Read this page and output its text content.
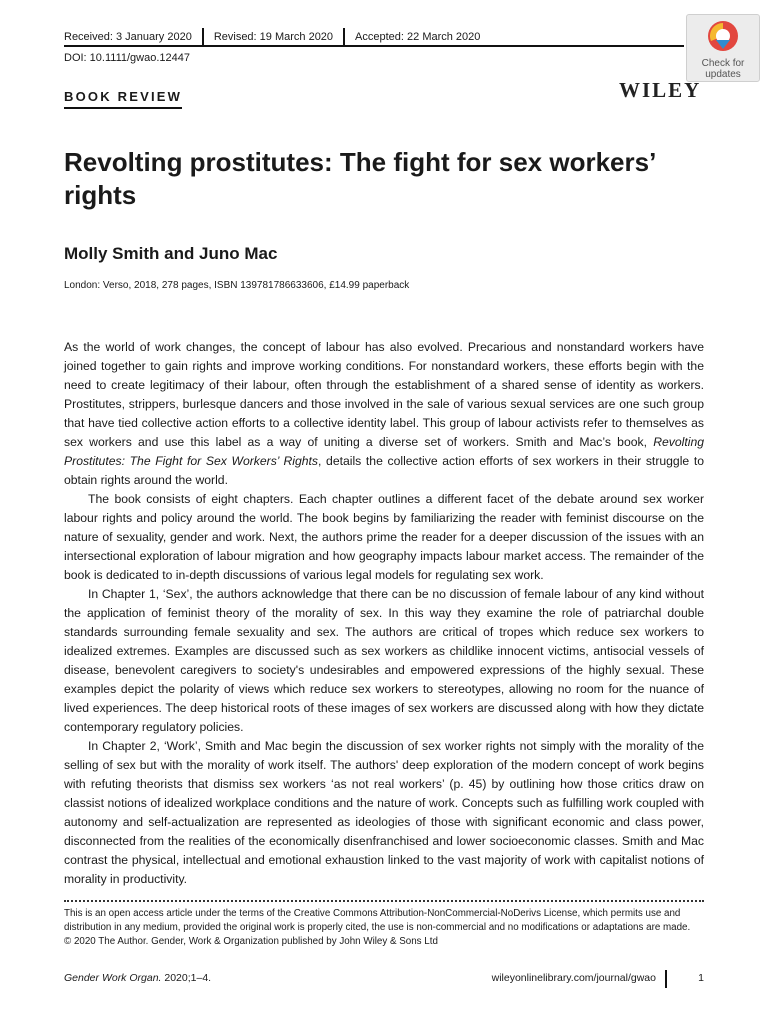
Received: 3 January 2020	Revised: 19 March 2020	Accepted: 22 March 2020
DOI: 10.1111/gwao.12447	Check for
updates
WILEY
BOOK REVIEW
Revolting prostitutes: The fight for sex workers’ rights
Molly Smith and Juno Mac
London: Verso, 2018, 278 pages, ISBN 139781786633606, £14.99 paperback

As the world of work changes, the concept of labour has also evolved. Precarious and nonstandard workers have joined together to gain rights and improve working conditions. For nonstandard workers, these efforts begin with the need to create legitimacy of their labour, often through the establishment of a shared sense of identity as workers. Prostitutes, strippers, burlesque dancers and those involved in the sale of various sexual services are one such group that have tied collective action efforts to a collective identity label. This group of labour activists refer to themselves as sex workers and use this label as a way of uniting a diverse set of workers. Smith and Mac’s book, Revolting Prostitutes: The Fight for Sex Workers’ Rights, details the collective action efforts of sex workers in their struggle to obtain rights around the world.

The book consists of eight chapters. Each chapter outlines a different facet of the debate around sex worker labour rights and policy around the world. The book begins by familiarizing the reader with feminist discourse on the nature of sexuality, gender and work. Next, the authors prime the reader for a deeper discussion of the issues with an intersectional exploration of labour migration and how geography impacts labour market access. The remainder of the book is dedicated to in-depth discussions of various legal models for regulating sex work.

In Chapter 1, ‘Sex’, the authors acknowledge that there can be no discussion of female labour of any kind without the application of feminist theory of the morality of sex. In this way they examine the role of patriarchal double standards surrounding female sexuality and sex. The authors are critical of tropes which reduce sex workers to idealized extremes. Examples are discussed such as sex workers as childlike innocent victims, antisocial vessels of disease, benevolent caregivers to society's undesirables and empowered expressions of the highly sexual. These examples depict the polarity of views which reduce sex workers to stereotypes, allowing no room for the nuance of lived experiences. The deep historical roots of these images of sex workers are discussed along with how they dictate contemporary regulatory policies.

In Chapter 2, ‘Work’, Smith and Mac begin the discussion of sex worker rights not simply with the morality of the selling of sex but with the morality of work itself. The authors' deep exploration of the modern concept of work begins with refuting theorists that dismiss sex workers ‘as not real workers’ (p. 45) by outlining how those critics draw on classist notions of idealized workplace conditions and the nature of work. Concepts such as fulfilling work coupled with autonomy and self-actualization are represented as ideologies of those with significant economic and class power, disconnected from the realities of the economically disenfranchised and lower socioeconomic classes. Smith and Mac contrast the physical, intellectual and emotional exhaustion linked to the vast majority of work with capitalist notions of morality in productivity.

This is an open access article under the terms of the Creative Commons Attribution-NonCommercial-NoDerivs License, which permits use and distribution in any medium, provided the original work is properly cited, the use is non-commercial and no modifications or adaptations are made.

© 2020 The Author. Gender, Work & Organization published by John Wiley & Sons Ltd

Gender Work Organ. 2020;1–4.	wileyonlinelibrary.com/journal/gwao	1
